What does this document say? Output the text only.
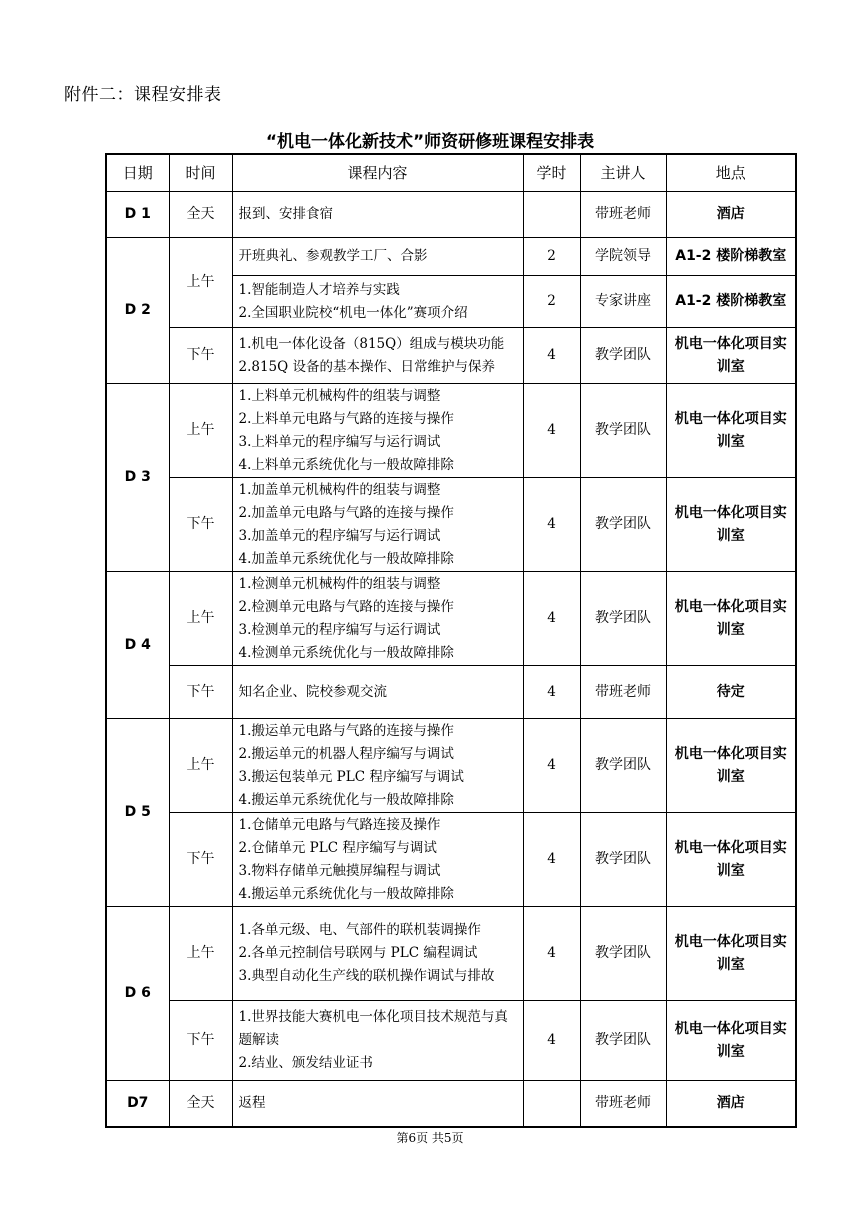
附件二：课程安排表
“机电一体化新技术”师资研修班课程安排表
日期	时间	课程内容	学时	主讲人	地点
D 1	全天	报到、安排食宿		带班老师	酒店
D 2	上午	开班典礼、参观教学工厂、合影	2	学院领导	A1-2 楼阶梯教室

		1.智能制造人才培养与实践
2.全国职业院校“机电一体化”赛项介绍	2	专家讲座	A1-2 楼阶梯教室
	下午	1.机电一体化设备（815Q）组成与模块功能
2.815Q 设备的基本操作、日常维护与保养	4	教学团队	机电一体化项目实训室
D 3	上午	1.上料单元机械构件的组装与调整
2.上料单元电路与气路的连接与操作
3.上料单元的程序编写与运行调试
4.上料单元系统优化与一般故障排除	4	教学团队	机电一体化项目实训室
	下午	1.加盖单元机械构件的组装与调整
2.加盖单元电路与气路的连接与操作
3.加盖单元的程序编写与运行调试
4.加盖单元系统优化与一般故障排除	4	教学团队	机电一体化项目实训室
D 4	上午	1.检测单元机械构件的组装与调整
2.检测单元电路与气路的连接与操作
3.检测单元的程序编写与运行调试
4.检测单元系统优化与一般故障排除	4	教学团队	机电一体化项目实训室
	下午	知名企业、院校参观交流	4	带班老师	待定
D 5	上午	1.搬运单元电路与气路的连接与操作
2.搬运单元的机器人程序编写与调试
3.搬运包装单元 PLC 程序编写与调试
4.搬运单元系统优化与一般故障排除	4	教学团队	机电一体化项目实训室
	下午	1.仓储单元电路与气路连接及操作
2.仓储单元 PLC 程序编写与调试
3.物料存储单元触摸屏编程与调试
4.搬运单元系统优化与一般故障排除	4	教学团队	机电一体化项目实训室
D 6	上午	1.各单元级、电、气部件的联机装调操作
2.各单元控制信号联网与 PLC 编程调试
3.典型自动化生产线的联机操作调试与排故	4	教学团队	机电一体化项目实训室
	下午	1.世界技能大赛机电一体化项目技术规范与真题解读
2.结业、颁发结业证书	4	教学团队	机电一体化项目实训室
D7	全天	返程		带班老师	酒店
第6页 共5页
